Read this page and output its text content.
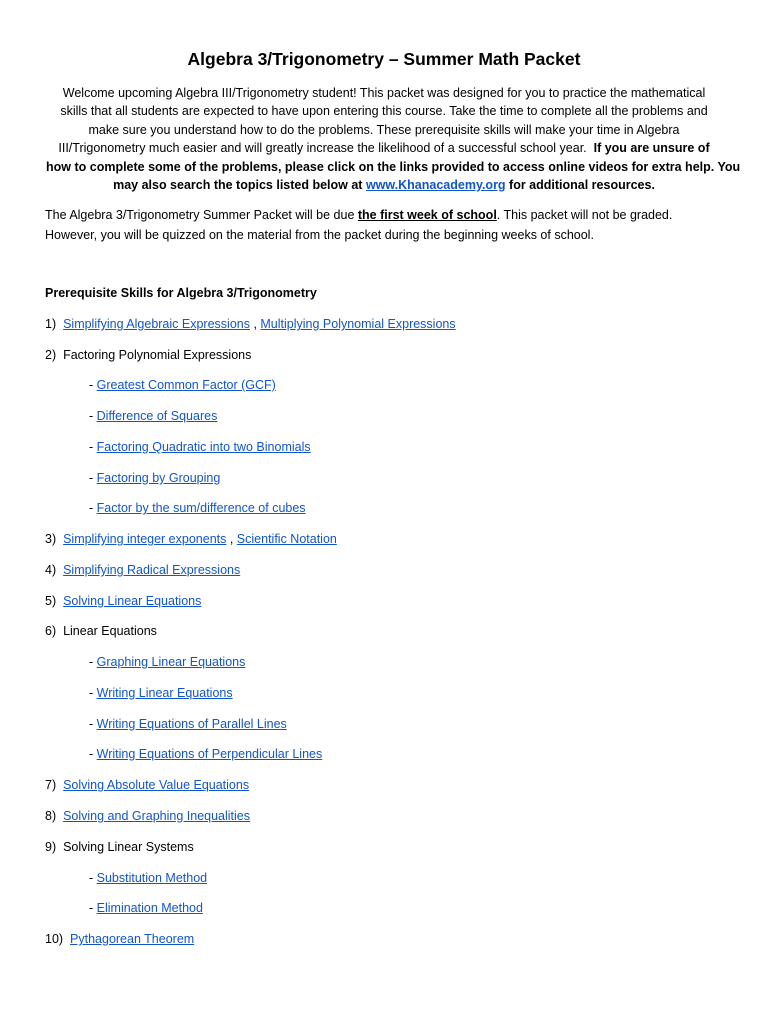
Algebra 3/Trigonometry – Summer Math Packet
Welcome upcoming Algebra III/Trigonometry student! This packet was designed for you to practice the mathematical
skills that all students are expected to have upon entering this course. Take the time to complete all the problems and
make sure you understand how to do the problems. These prerequisite skills will make your time in Algebra
III/Trigonometry much easier and will greatly increase the likelihood of a successful school year. If you are unsure of
how to complete some of the problems, please click on the links provided to access online videos for extra help. You
may also search the topics listed below at www.Khanacademy.org for additional resources.
The Algebra 3/Trigonometry Summer Packet will be due the first week of school. This packet will not be graded.
However, you will be quizzed on the material from the packet during the beginning weeks of school.
Prerequisite Skills for Algebra 3/Trigonometry
1) Simplifying Algebraic Expressions , Multiplying Polynomial Expressions
2) Factoring Polynomial Expressions
- Greatest Common Factor (GCF)
- Difference of Squares
- Factoring Quadratic into two Binomials
- Factoring by Grouping
- Factor by the sum/difference of cubes
3) Simplifying integer exponents , Scientific Notation
4) Simplifying Radical Expressions
5) Solving Linear Equations
6) Linear Equations
- Graphing Linear Equations
- Writing Linear Equations
- Writing Equations of Parallel Lines
- Writing Equations of Perpendicular Lines
7) Solving Absolute Value Equations
8) Solving and Graphing Inequalities
9) Solving Linear Systems
- Substitution Method
- Elimination Method
10) Pythagorean Theorem
